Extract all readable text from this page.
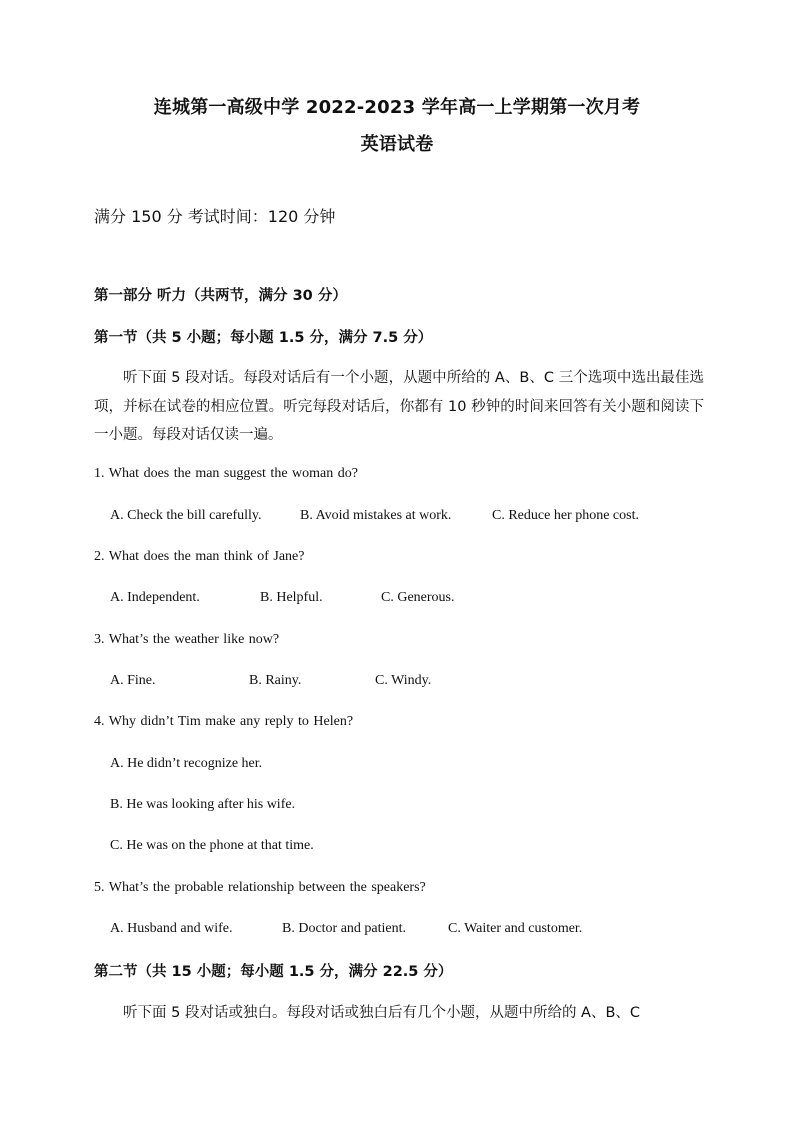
连城第一高级中学 2022-2023 学年高一上学期第一次月考
英语试卷
满分 150 分 考试时间：120 分钟
第一部分 听力（共两节，满分 30 分）
第一节（共 5 小题；每小题 1.5 分，满分 7.5 分）
听下面 5 段对话。每段对话后有一个小题，从题中所给的 A、B、C 三个选项中选出最佳选项，并标在试卷的相应位置。听完每段对话后，你都有 10 秒钟的时间来回答有关小题和阅读下一小题。每段对话仅读一遍。
1. What does the man suggest the woman do?
A. Check the bill carefully.	B. Avoid mistakes at work.	C. Reduce her phone cost.
2. What does the man think of Jane?
A. Independent.	B. Helpful.	C. Generous.
3. What’s the weather like now?
A. Fine.	B. Rainy.	C. Windy.
4. Why didn’t Tim make any reply to Helen?
A. He didn’t recognize her.
B. He was looking after his wife.
C. He was on the phone at that time.
5. What’s the probable relationship between the speakers?
A. Husband and wife.	B. Doctor and patient.	C. Waiter and customer.
第二节（共 15 小题；每小题 1.5 分，满分 22.5 分）
听下面 5 段对话或独白。每段对话或独白后有几个小题，从题中所给的 A、B、C
